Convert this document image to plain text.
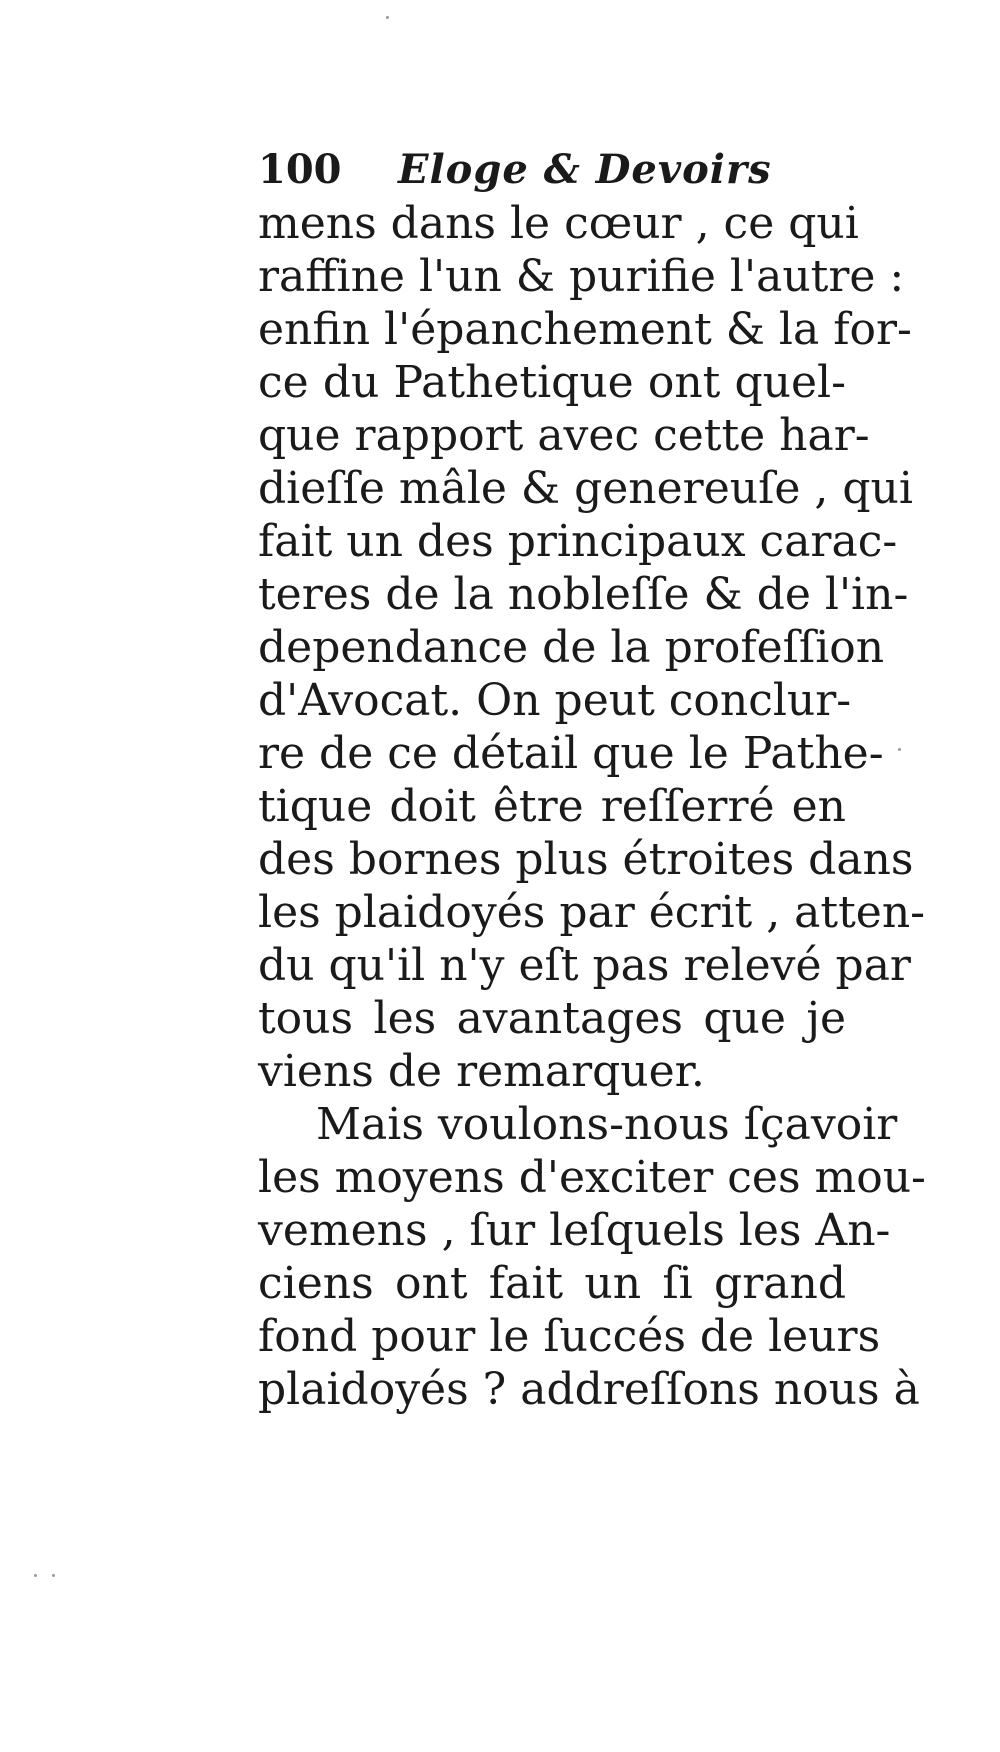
100 Eloge & Devoirs
mens dans le cœur , ce qui
raffine l'un & purifie l'autre :
enfin l'épanchement & la for-
ce du Pathetique ont quel-
que rapport avec cette har-
dieſſe mâle & genereuſe , qui
fait un des principaux carac-
teres de la nobleſſe & de l'in-
dependance de la profeſſion
d'Avocat. On peut conclur-
re de ce détail que le Pathe-
tique doit être reſſerré en
des bornes plus étroites dans
les plaidoyés par écrit , atten-
du qu'il n'y eſt pas relevé par
tous les avantages que je
viens de remarquer.
Mais voulons-nous ſçavoir
les moyens d'exciter ces mou-
vemens , ſur leſquels les An-
ciens ont fait un ſi grand
fond pour le ſuccés de leurs
plaidoyés ? addreſſons nous à
